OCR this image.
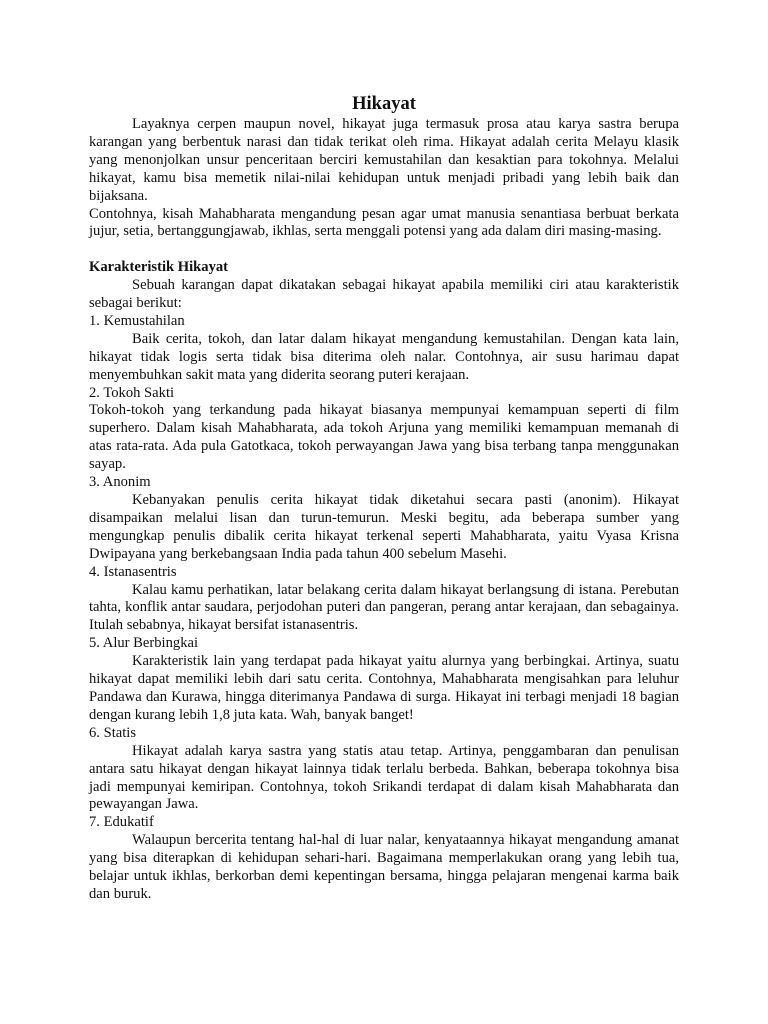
Hikayat

Layaknya cerpen maupun novel, hikayat juga termasuk prosa atau karya sastra berupa karangan yang berbentuk narasi dan tidak terikat oleh rima. Hikayat adalah cerita Melayu klasik yang menonjolkan unsur penceritaan berciri kemustahilan dan kesaktian para tokohnya. Melalui hikayat, kamu bisa memetik nilai-nilai kehidupan untuk menjadi pribadi yang lebih baik dan bijaksana.

Contohnya, kisah Mahabharata mengandung pesan agar umat manusia senantiasa berbuat berkata jujur, setia, bertanggungjawab, ikhlas, serta menggali potensi yang ada dalam diri masing-masing.

Karakteristik Hikayat

Sebuah karangan dapat dikatakan sebagai hikayat apabila memiliki ciri atau karakteristik sebagai berikut:

1. Kemustahilan

Baik cerita, tokoh, dan latar dalam hikayat mengandung kemustahilan. Dengan kata lain, hikayat tidak logis serta tidak bisa diterima oleh nalar. Contohnya, air susu harimau dapat menyembuhkan sakit mata yang diderita seorang puteri kerajaan.

2. Tokoh Sakti

Tokoh-tokoh yang terkandung pada hikayat biasanya mempunyai kemampuan seperti di film superhero. Dalam kisah Mahabharata, ada tokoh Arjuna yang memiliki kemampuan memanah di atas rata-rata. Ada pula Gatotkaca, tokoh perwayangan Jawa yang bisa terbang tanpa menggunakan sayap.

3. Anonim

Kebanyakan penulis cerita hikayat tidak diketahui secara pasti (anonim). Hikayat disampaikan melalui lisan dan turun-temurun. Meski begitu, ada beberapa sumber yang mengungkap penulis dibalik cerita hikayat terkenal seperti Mahabharata, yaitu Vyasa Krisna Dwipayana yang berkebangsaan India pada tahun 400 sebelum Masehi.

4. Istanasentris

Kalau kamu perhatikan, latar belakang cerita dalam hikayat berlangsung di istana. Perebutan tahta, konflik antar saudara, perjodohan puteri dan pangeran, perang antar kerajaan, dan sebagainya. Itulah sebabnya, hikayat bersifat istanasentris.

5. Alur Berbingkai

Karakteristik lain yang terdapat pada hikayat yaitu alurnya yang berbingkai. Artinya, suatu hikayat dapat memiliki lebih dari satu cerita. Contohnya, Mahabharata mengisahkan para leluhur Pandawa dan Kurawa, hingga diterimanya Pandawa di surga. Hikayat ini terbagi menjadi 18 bagian dengan kurang lebih 1,8 juta kata. Wah, banyak banget!

6. Statis

Hikayat adalah karya sastra yang statis atau tetap. Artinya, penggambaran dan penulisan antara satu hikayat dengan hikayat lainnya tidak terlalu berbeda. Bahkan, beberapa tokohnya bisa jadi mempunyai kemiripan. Contohnya, tokoh Srikandi terdapat di dalam kisah Mahabharata dan pewayangan Jawa.

7. Edukatif

Walaupun bercerita tentang hal-hal di luar nalar, kenyataannya hikayat mengandung amanat yang bisa diterapkan di kehidupan sehari-hari. Bagaimana memperlakukan orang yang lebih tua, belajar untuk ikhlas, berkorban demi kepentingan bersama, hingga pelajaran mengenai karma baik dan buruk.
